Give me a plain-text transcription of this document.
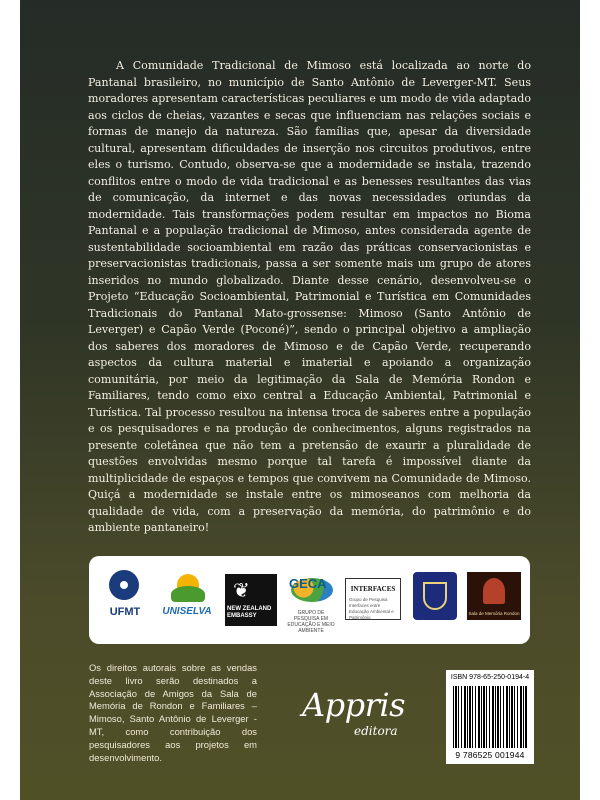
A Comunidade Tradicional de Mimoso está localizada ao norte do Pantanal brasileiro, no município de Santo Antônio de Leverger-MT. Seus moradores apresentam características peculiares e um modo de vida adaptado aos ciclos de cheias, vazantes e secas que influenciam nas relações sociais e formas de manejo da natureza. São famílias que, apesar da diversidade cultural, apresentam dificuldades de inserção nos circuitos produtivos, entre eles o turismo. Contudo, observa-se que a modernidade se instala, trazendo conflitos entre o modo de vida tradicional e as benesses resultantes das vias de comunicação, da internet e das novas necessidades oriundas da modernidade. Tais transformações podem resultar em impactos no Bioma Pantanal e a população tradicional de Mimoso, antes considerada agente de sustentabilidade socioambiental em razão das práticas conservacionistas e preservacionistas tradicionais, passa a ser somente mais um grupo de atores inseridos no mundo globalizado. Diante desse cenário, desenvolveu-se o Projeto “Educação Socioambiental, Patrimonial e Turística em Comunidades Tradicionais do Pantanal Mato-grossense: Mimoso (Santo Antônio de Leverger) e Capão Verde (Poconé)”, sendo o principal objetivo a ampliação dos saberes dos moradores de Mimoso e de Capão Verde, recuperando aspectos da cultura material e imaterial e apoiando a organização comunitária, por meio da legitimação da Sala de Memória Rondon e Familiares, tendo como eixo central a Educação Ambiental, Patrimonial e Turística. Tal processo resultou na intensa troca de saberes entre a população e os pesquisadores e na produção de conhecimentos, alguns registrados na presente coletânea que não tem a pretensão de exaurir a pluralidade de questões envolvidas mesmo porque tal tarefa é impossível diante da multiplicidade de espaços e tempos que convivem na Comunidade de Mimoso. Quiçá a modernidade se instale entre os mimoseanos com melhoria da qualidade de vida, com a preservação da memória, do patrimônio e do ambiente pantaneiro!

UFMT	UNISELVA
❦
NEW ZEALAND EMBASSY
GECA
GRUPO DE PESQUISA EM EDUCAÇÃO E MEIO AMBIENTE
INTERFACES
Grupo de Pesquisa Interfaces entre Educação Ambiental e Patrimônio
Sala de Memória Rondon

Os direitos autorais sobre as vendas deste livro serão destinados a Associação de Amigos da Sala de Memória de Rondon e Familiares – Mimoso, Santo Antônio de Leverger - MT, como contribuição dos pesquisadores aos projetos em desenvolvimento.

Appris
editora
ISBN 978-65-250-0194-4
9 786525 001944
